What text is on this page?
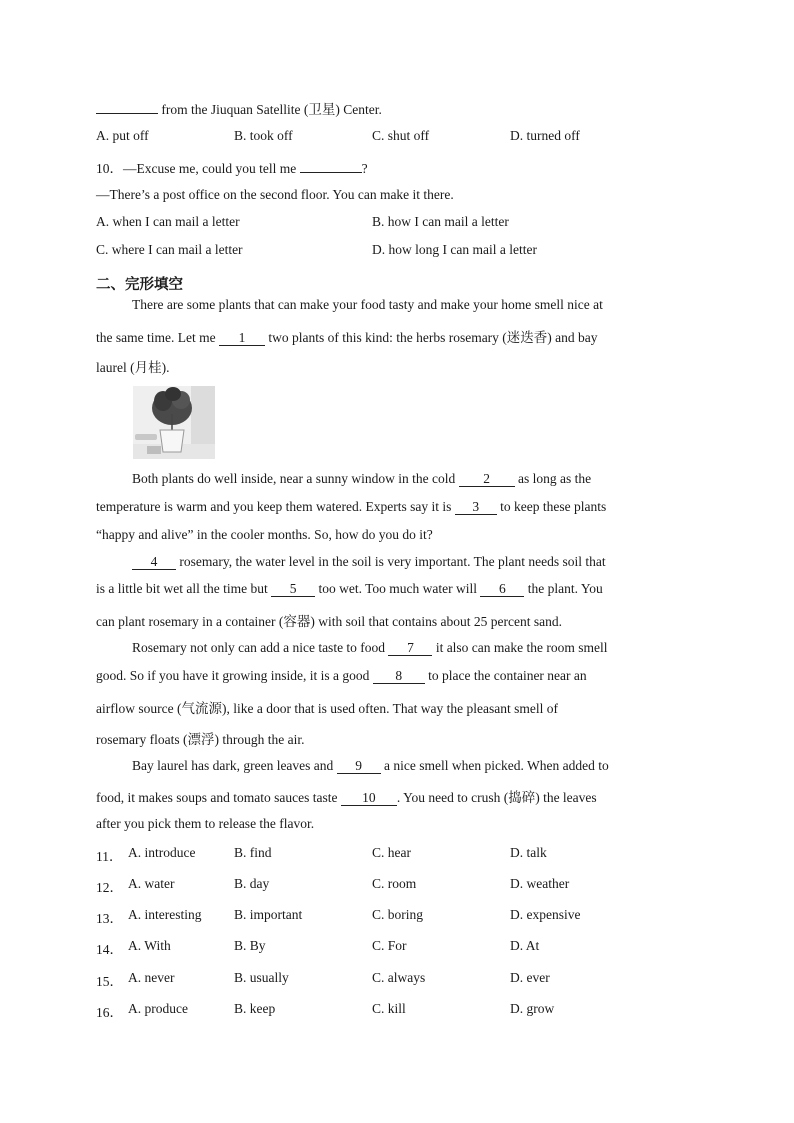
from the Jiuquan Satellite (卫星) Center.
A. put off	B. took off	C. shut off	D. turned off
10．—Excuse me, could you tell me	?
—There’s a post office on the second floor. You can make it there.
A. when I can mail a letter	B. how I can mail a letter
C. where I can mail a letter	D. how long I can mail a letter
二、完形填空
There are some plants that can make your food tasty and make your home smell nice at
the same time. Let me 1 two plants of this kind: the herbs rosemary (迷迭香) and bay
laurel (月桂).
Both plants do well inside, near a sunny window in the cold 2 as long as the
temperature is warm and you keep them watered. Experts say it is 3 to keep these plants
“happy and alive” in the cooler months. So, how do you do it?
4 rosemary, the water level in the soil is very important. The plant needs soil that
is a little bit wet all the time but 5 too wet. Too much water will 6 the plant. You
can plant rosemary in a container (容器) with soil that contains about 25 percent sand.
Rosemary not only can add a nice taste to food 7 it also can make the room smell
good. So if you have it growing inside, it is a good 8 to place the container near an
airflow source (气流源), like a door that is used often. That way the pleasant smell of
rosemary floats (漂浮) through the air.
Bay laurel has dark, green leaves and 9 a nice smell when picked. When added to
food, it makes soups and tomato sauces taste 10 . You need to crush (捣碎) the leaves
after you pick them to release the flavor.
11． A. introduce	B. find	C. hear	D. talk
12． A. water	B. day	C. room	D. weather
13． A. interesting B. important	C. boring	D. expensive
14． A. With	B. By	C. For	D. At
15． A. never	B. usually	C. always	D. ever
16． A. produce	B. keep	C. kill	D. grow
